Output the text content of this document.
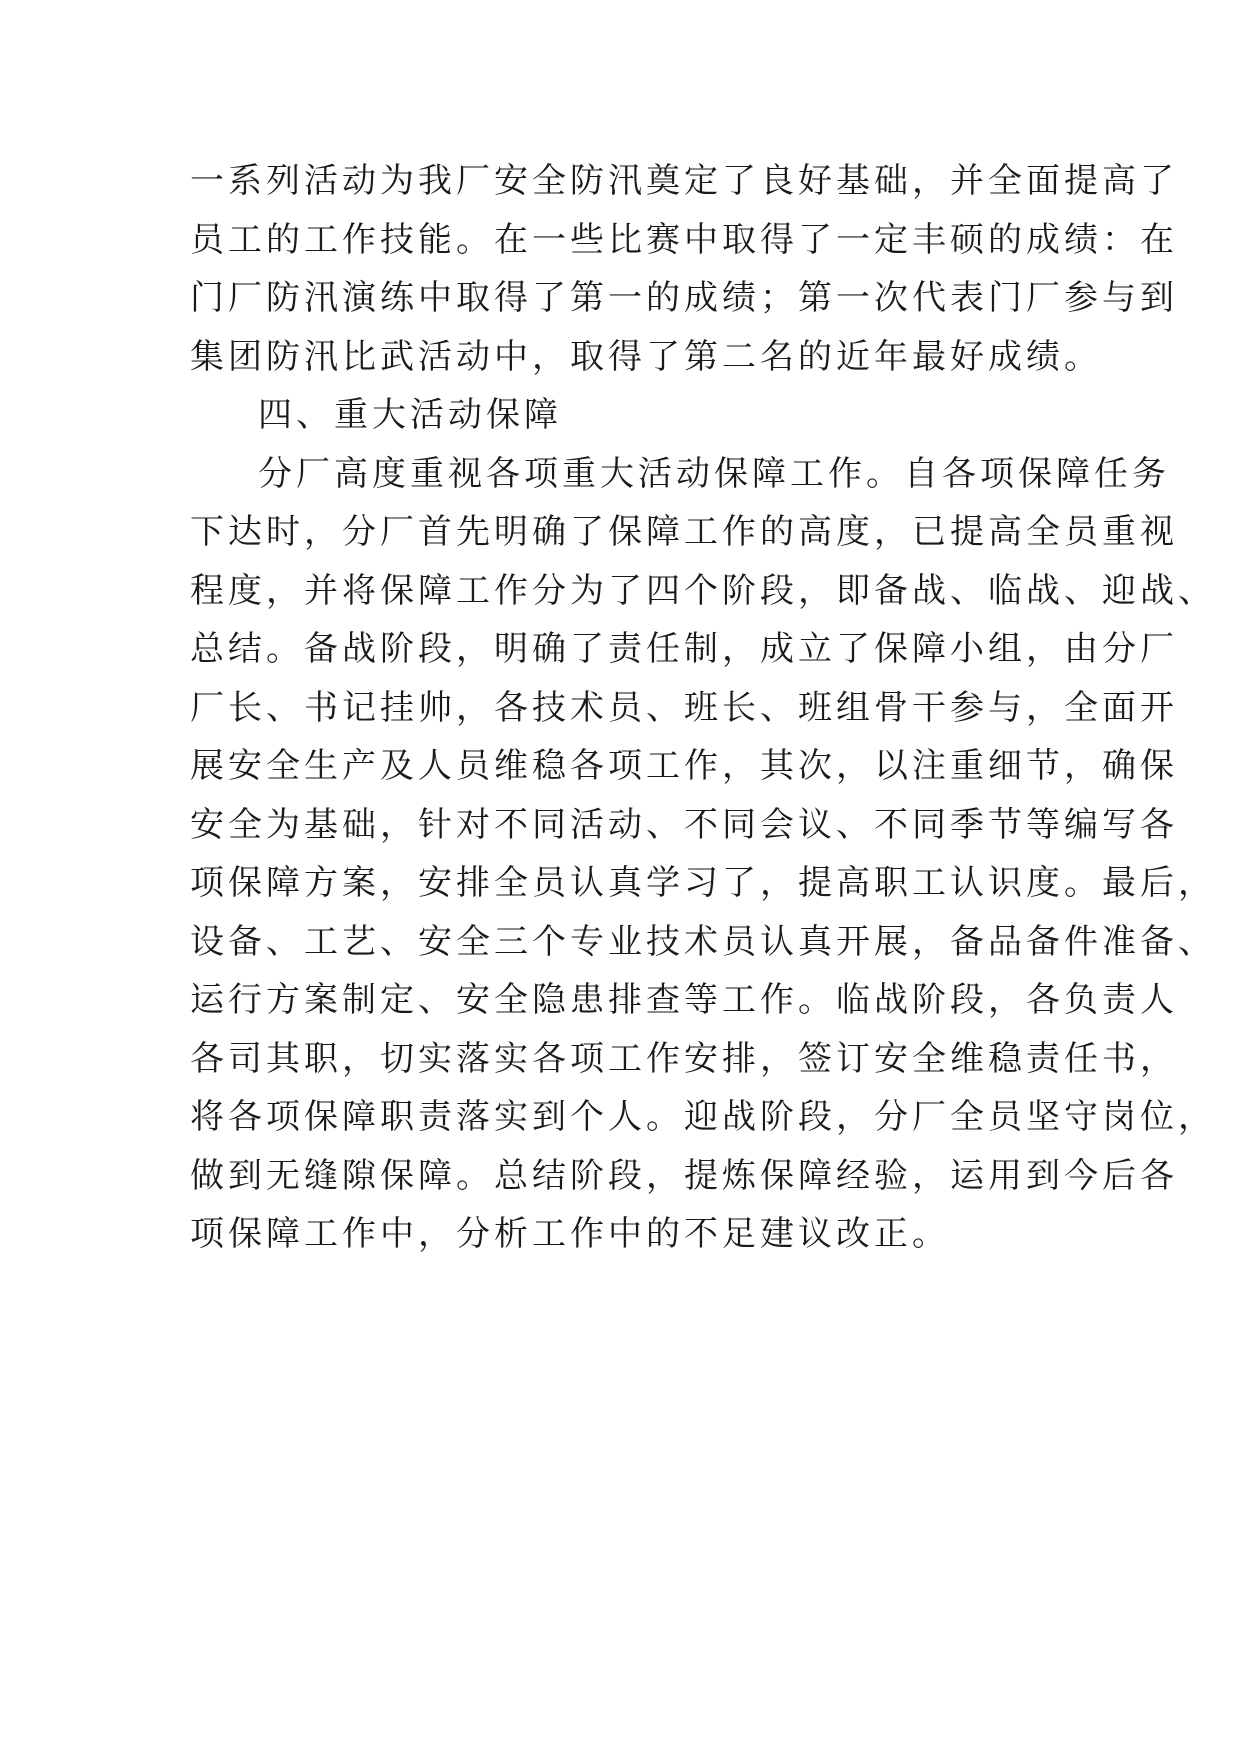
一系列活动为我厂安全防汛奠定了良好基础，并全面提高了
员工的工作技能。在一些比赛中取得了一定丰硕的成绩：在
门厂防汛演练中取得了第一的成绩；第一次代表门厂参与到
集团防汛比武活动中，取得了第二名的近年最好成绩。
四、重大活动保障
分厂高度重视各项重大活动保障工作。自各项保障任务
下达时，分厂首先明确了保障工作的高度，已提高全员重视
程度，并将保障工作分为了四个阶段，即备战、临战、迎战、
总结。备战阶段，明确了责任制，成立了保障小组，由分厂
厂长、书记挂帅，各技术员、班长、班组骨干参与，全面开
展安全生产及人员维稳各项工作，其次，以注重细节，确保
安全为基础，针对不同活动、不同会议、不同季节等编写各
项保障方案，安排全员认真学习了，提高职工认识度。最后，
设备、工艺、安全三个专业技术员认真开展，备品备件准备、
运行方案制定、安全隐患排查等工作。临战阶段，各负责人
各司其职，切实落实各项工作安排，签订安全维稳责任书，
将各项保障职责落实到个人。迎战阶段，分厂全员坚守岗位，
做到无缝隙保障。总结阶段，提炼保障经验，运用到今后各
项保障工作中，分析工作中的不足建议改正。
